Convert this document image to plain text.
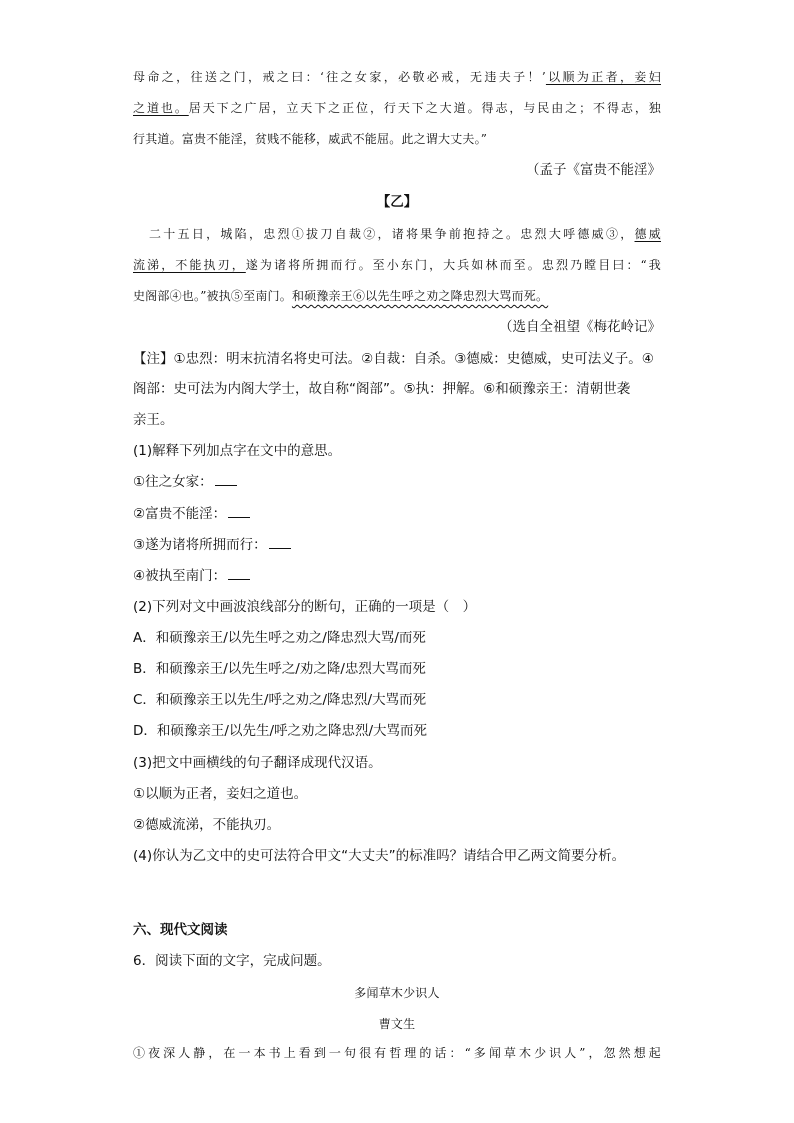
母命之，往送之门，戒之曰：‘往之女家，必敬必戒，无违夫子！’以顺为正者，妾妇
之道也。居天下之广居，立天下之正位，行天下之大道。得志，与民由之；不得志，独
行其道。富贵不能淫，贫贱不能移，威武不能屈。此之谓大丈夫。”
（孟子《富贵不能淫》
【乙】
二十五日，城陷，忠烈①拔刀自裁②，诸将果争前抱持之。忠烈大呼德威③，德威
流涕，不能执刃，遂为诸将所拥而行。至小东门，大兵如林而至。忠烈乃瞠目曰：“我
史阁部④也。”被执⑤至南门。和硕豫亲王⑥以先生呼之劝之降忠烈大骂而死。
（选自全祖望《梅花岭记》
【注】①忠烈：明末抗清名将史可法。②自裁：自杀。③德威：史德威，史可法义子。④
阁部：史可法为内阁大学士，故自称“阁部”。⑤执：押解。⑥和硕豫亲王：清朝世袭
亲王。
(1)解释下列加点字在文中的意思。
①往之女家：
②富贵不能淫：
③遂为诸将所拥而行：
④被执至南门：
(2)下列对文中画波浪线部分的断句，正确的一项是（　）
A．和硕豫亲王/以先生呼之劝之/降忠烈大骂/而死
B．和硕豫亲王/以先生呼之/劝之降/忠烈大骂而死
C．和硕豫亲王以先生/呼之劝之/降忠烈/大骂而死
D．和硕豫亲王/以先生/呼之劝之降忠烈/大骂而死
(3)把文中画横线的句子翻译成现代汉语。
①以顺为正者，妾妇之道也。
②德威流涕，不能执刃。
(4)你认为乙文中的史可法符合甲文“大丈夫”的标准吗？请结合甲乙两文简要分析。
六、现代文阅读
6．阅读下面的文字，完成问题。
多闻草木少识人
曹文生
①夜深人静，在一本书上看到一句很有哲理的话：“多闻草木少识人”，忽然想起
